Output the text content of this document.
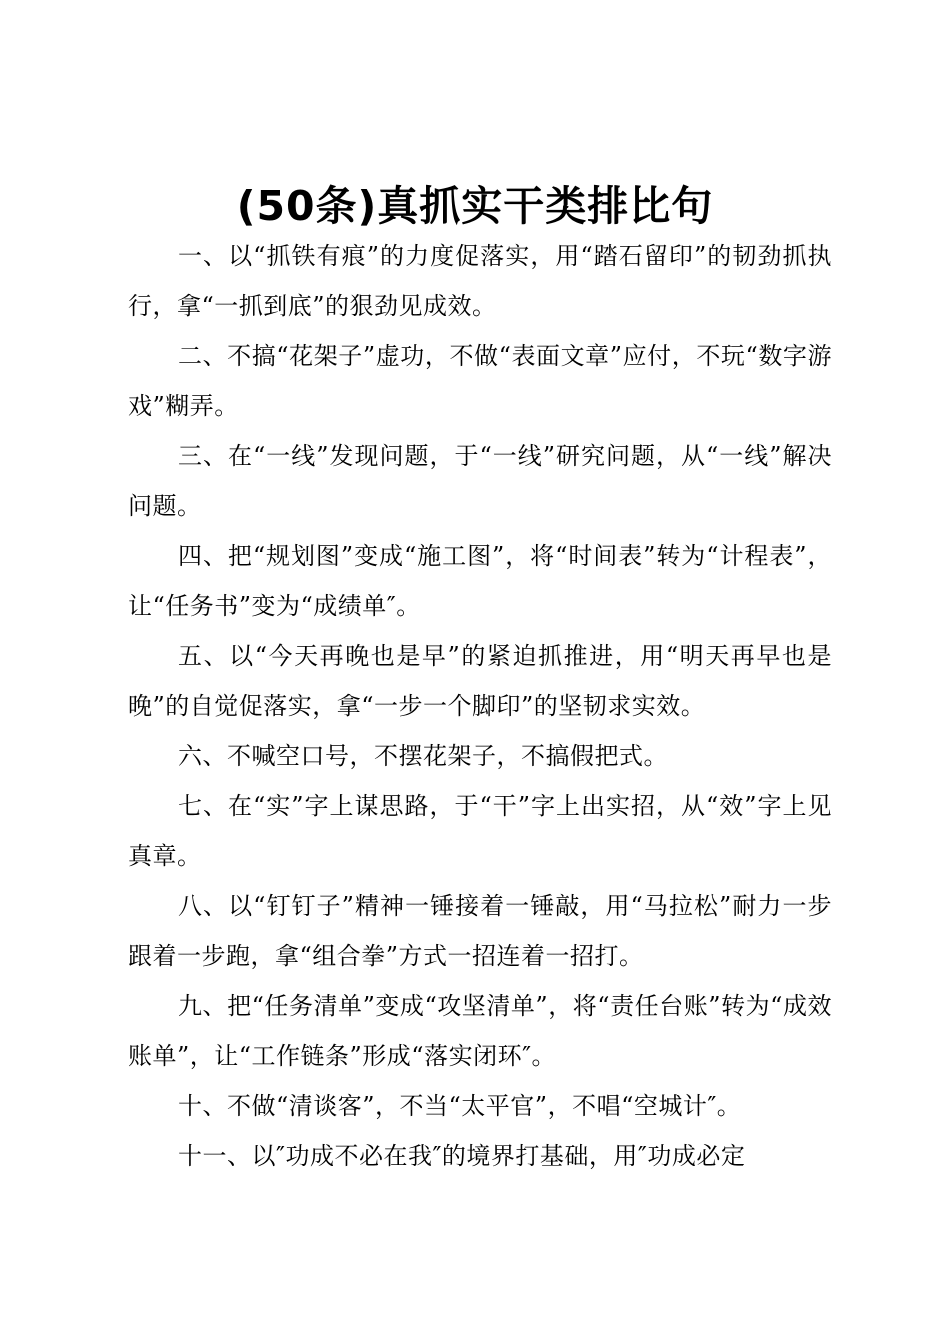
(50条)真抓实干类排比句

一、以“抓铁有痕”的力度促落实，用“踏石留印”的韧劲抓执行，拿“一抓到底”的狠劲见成效。

二、不搞“花架子”虚功，不做“表面文章”应付，不玩“数字游戏”糊弄。

三、在“一线”发现问题，于“一线”研究问题，从“一线”解决问题。

四、把“规划图”变成“施工图”，将“时间表”转为“计程表”，让“任务书”变为“成绩单″。

五、以“今天再晚也是早”的紧迫抓推进，用“明天再早也是晚”的自觉促落实，拿“一步一个脚印”的坚韧求实效。

六、不喊空口号，不摆花架子，不搞假把式。

七、在“实”字上谋思路，于“干”字上出实招，从“效”字上见真章。

八、以“钉钉子”精神一锤接着一锤敲，用“马拉松”耐力一步跟着一步跑，拿“组合拳”方式一招连着一招打。

九、把“任务清单”变成“攻坚清单”，将“责任台账”转为“成效账单”，让“工作链条”形成“落实闭环″。

十、不做“清谈客”，不当“太平官”，不唱“空城计″。

十一、以″功成不必在我″的境界打基础，用″功成必定
